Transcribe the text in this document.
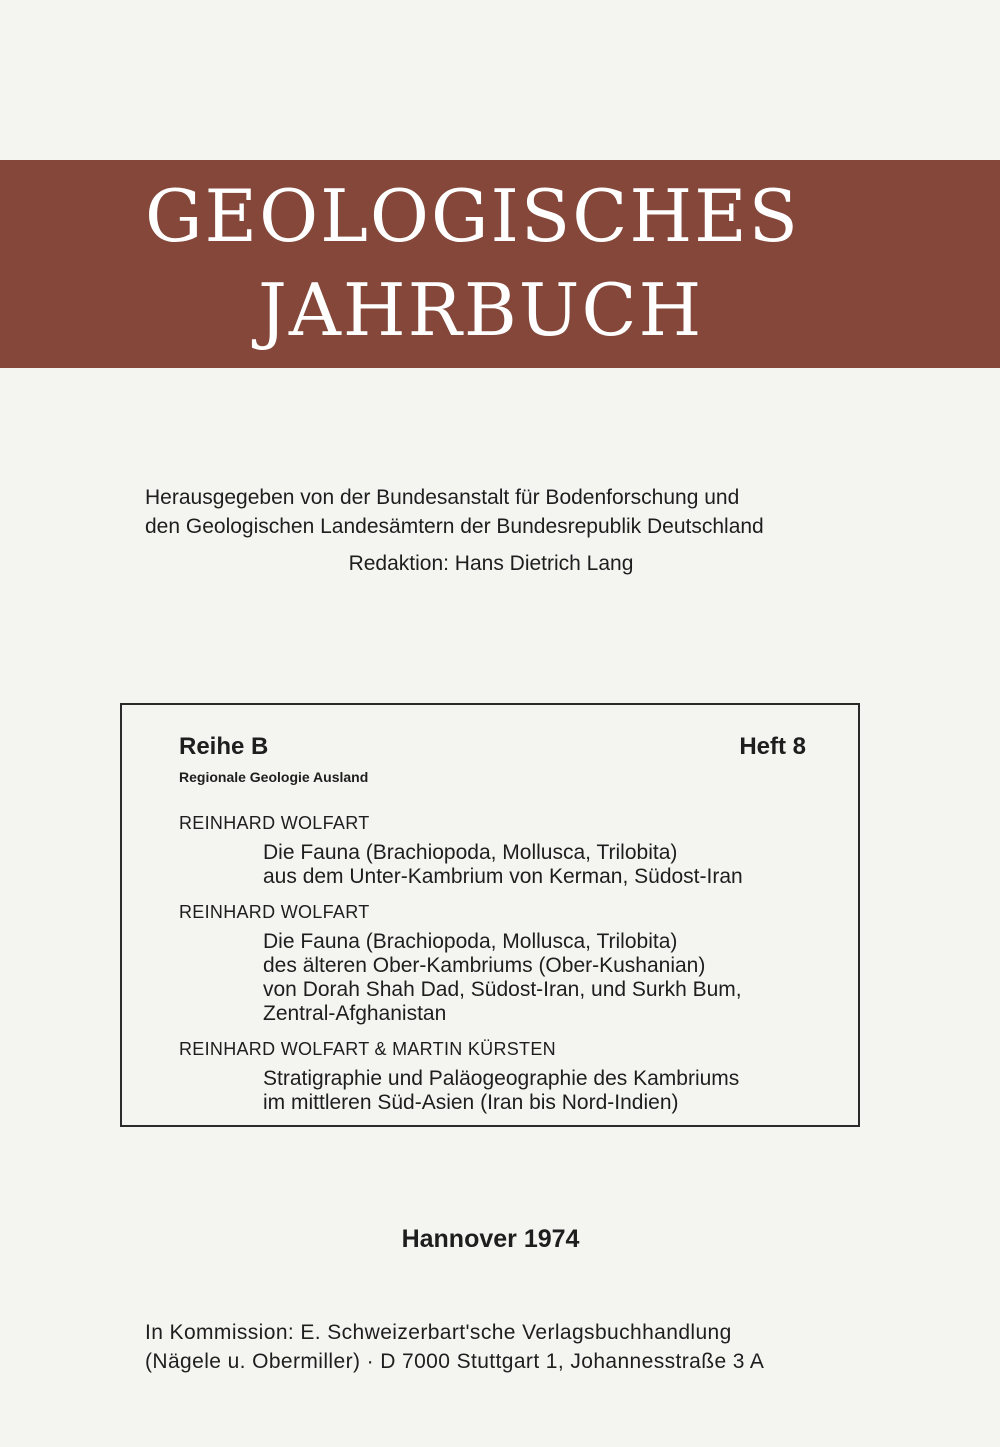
GEOLOGISCHES
JAHRBUCH
Herausgegeben von der Bundesanstalt für Bodenforschung und
den Geologischen Landesämtern der Bundesrepublik Deutschland
Redaktion: Hans Dietrich Lang
Reihe B	Heft 8
Regionale Geologie Ausland
REINHARD WOLFART
Die Fauna (Brachiopoda, Mollusca, Trilobita)
aus dem Unter-Kambrium von Kerman, Südost-Iran
REINHARD WOLFART
Die Fauna (Brachiopoda, Mollusca, Trilobita)
des älteren Ober-Kambriums (Ober-Kushanian)
von Dorah Shah Dad, Südost-Iran, und Surkh Bum,
Zentral-Afghanistan
REINHARD WOLFART & MARTIN KÜRSTEN
Stratigraphie und Paläogeographie des Kambriums
im mittleren Süd-Asien (Iran bis Nord-Indien)
Hannover 1974
In Kommission: E. Schweizerbart'sche Verlagsbuchhandlung
(Nägele u. Obermiller) · D 7000 Stuttgart 1, Johannesstraße 3 A
